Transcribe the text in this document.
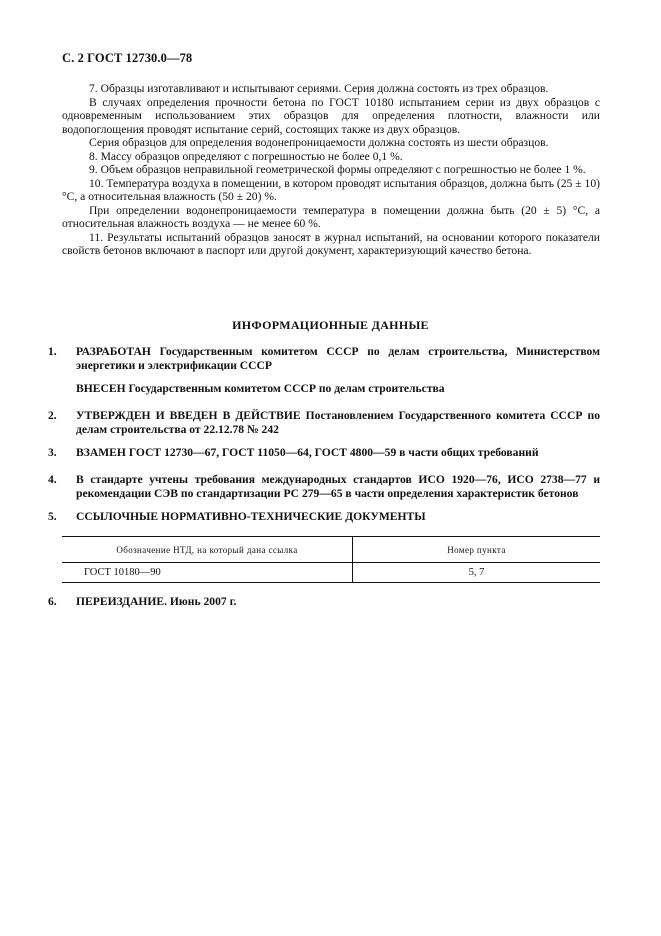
С. 2 ГОСТ 12730.0—78

7. Образцы изготавливают и испытывают сериями. Серия должна состоять из трех образцов.

В случаях определения прочности бетона по ГОСТ 10180 испытанием серии из двух образцов с одновременным использованием этих образцов для определения плотности, влажности или водопоглощения проводят испытание серий, состоящих также из двух образцов.

Серия образцов для определения водонепроницаемости должна состоять из шести образцов.

8. Массу образцов определяют с погрешностью не более 0,1 %.

9. Объем образцов неправильной геометрической формы определяют с погрешностью не более 1 %.

10. Температура воздуха в помещении, в котором проводят испытания образцов, должна быть (25 ± 10) °С, а относительная влажность (50 ± 20) %.

При определении водонепроницаемости температура в помещении должна быть (20 ± 5) °С, а относительная влажность воздуха — не менее 60 %.

11. Результаты испытаний образцов заносят в журнал испытаний, на основании которого показатели свойств бетонов включают в паспорт или другой документ, характеризующий качество бетона.

ИНФОРМАЦИОННЫЕ ДАННЫЕ
1. РАЗРАБОТАН Государственным комитетом СССР по делам строительства, Министерством энергетики и электрификации СССР
ВНЕСЕН Государственным комитетом СССР по делам строительства
2. УТВЕРЖДЕН И ВВЕДЕН В ДЕЙСТВИЕ Постановлением Государственного комитета СССР по делам строительства от 22.12.78 № 242
3. ВЗАМЕН ГОСТ 12730—67, ГОСТ 11050—64, ГОСТ 4800—59 в части общих требований
4. В стандарте учтены требования международных стандартов ИСО 1920—76, ИСО 2738—77 и рекомендации СЭВ по стандартизации РС 279—65 в части определения характеристик бетонов
5. ССЫЛОЧНЫЕ НОРМАТИВНО-ТЕХНИЧЕСКИЕ ДОКУМЕНТЫ
Обозначение НТД, на который дана ссылка	Номер пункта
ГОСТ 10180—90	5, 7
6. ПЕРЕИЗДАНИЕ. Июнь 2007 г.
